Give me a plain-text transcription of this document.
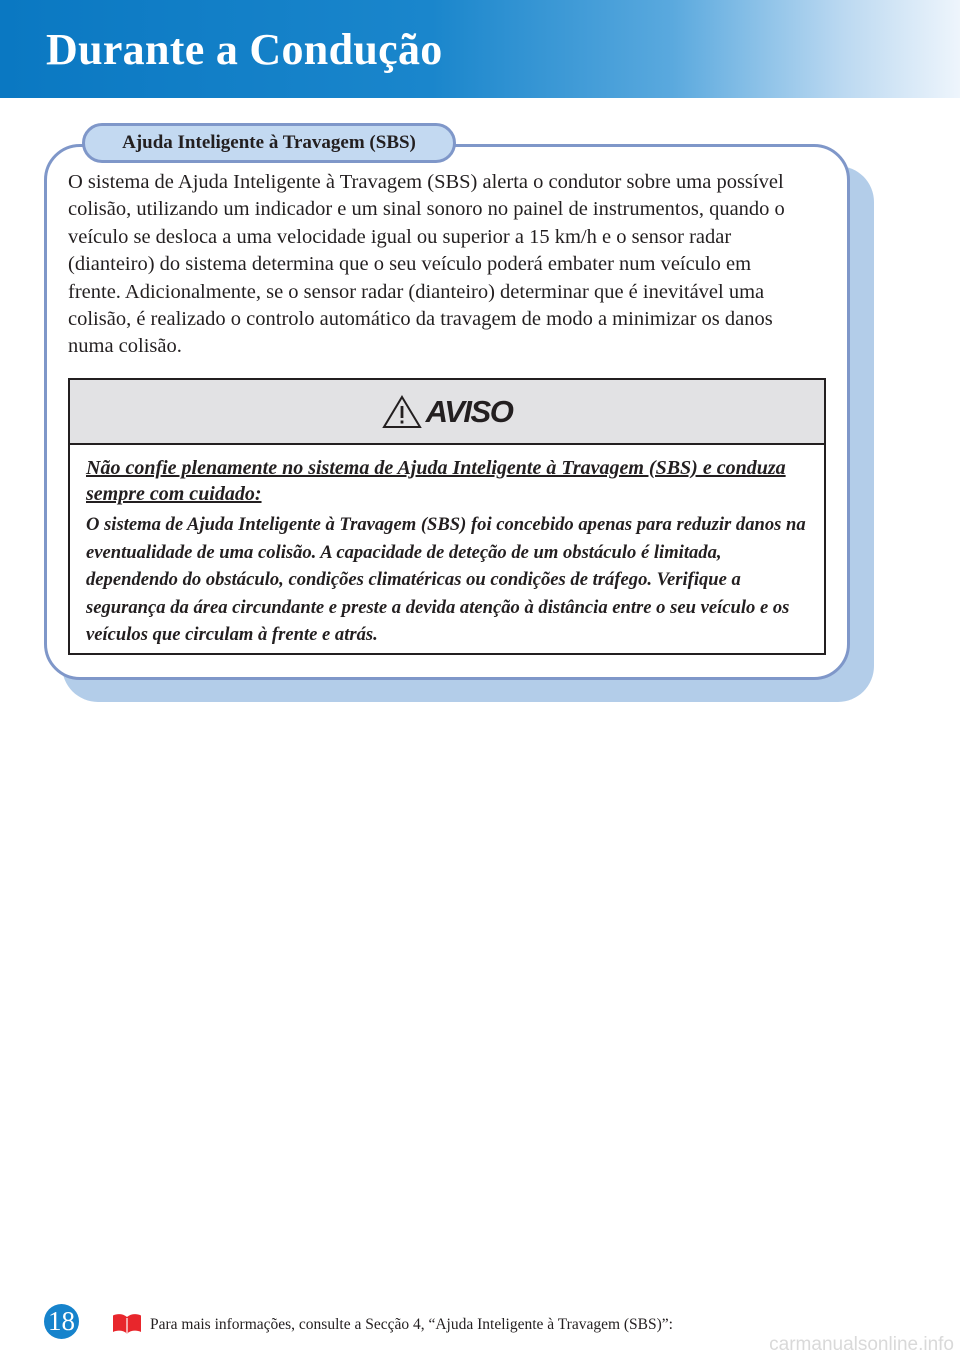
Durante a Condução
Ajuda Inteligente à Travagem (SBS)

O sistema de Ajuda Inteligente à Travagem (SBS) alerta o condutor sobre uma possível colisão, utilizando um indicador e um sinal sonoro no painel de instrumentos, quando o veículo se desloca a uma velocidade igual ou superior a 15 km/h e o sensor radar (dianteiro) do sistema determina que o seu veículo poderá embater num veículo em frente. Adicionalmente, se o sensor radar (dianteiro) determinar que é inevitável uma colisão, é realizado o controlo automático da travagem de modo a minimizar os danos numa colisão.

AVISO

Não confie plenamente no sistema de Ajuda Inteligente à Travagem (SBS) e conduza sempre com cuidado:

O sistema de Ajuda Inteligente à Travagem (SBS) foi concebido apenas para reduzir danos na eventualidade de uma colisão. A capacidade de deteção de um obstáculo é limitada, dependendo do obstáculo, condições climatéricas ou condições de tráfego. Verifique a segurança da área circundante e preste a devida atenção à distância entre o seu veículo e os veículos que circulam à frente e atrás.

18	Para mais informações, consulte a Secção 4, “Ajuda Inteligente à Travagem (SBS)”:
carmanualsonline.info
